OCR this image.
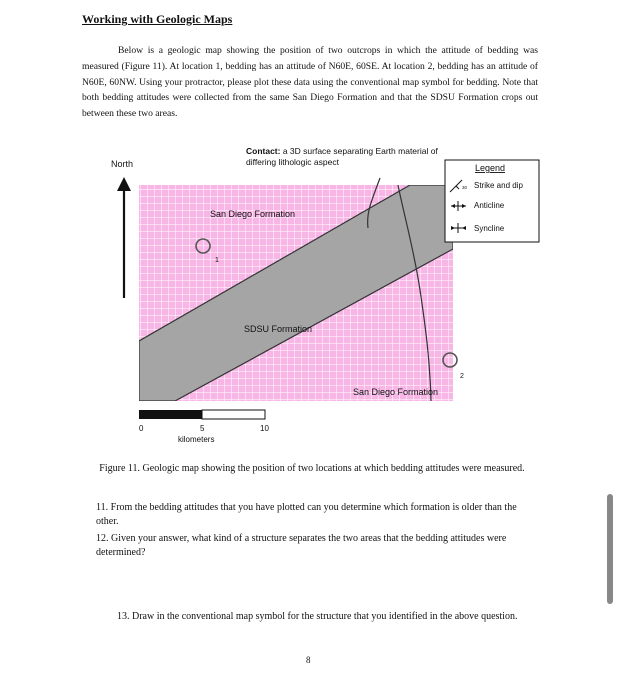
Working with Geologic Maps
Below is a geologic map showing the position of two outcrops in which the attitude of bedding was measured (Figure 11). At location 1, bedding has an attitude of N60E, 60SE. At location 2, bedding has an attitude of N60E, 60NW. Using your protractor, please plot these data using the conventional map symbol for bedding. Note that both bedding attitudes were collected from the same San Diego Formation and that the SDSU Formation crops out between these two areas.
North
Contact: a 3D surface separating Earth material of
differing lithologic aspect
Legend
30 Strike and dip
Anticline
Syncline
San Diego Formation
SDSU Formation
San Diego Formation
1
2
0	5	10
kilometers
Figure 11. Geologic map showing the position of two locations at which bedding attitudes were measured.
11. From the bedding attitudes that you have plotted can you determine which formation is older than the other.
12. Given your answer, what kind of a structure separates the two areas that the bedding attitudes were determined?
13. Draw in the conventional map symbol for the structure that you identified in the above question.
8
